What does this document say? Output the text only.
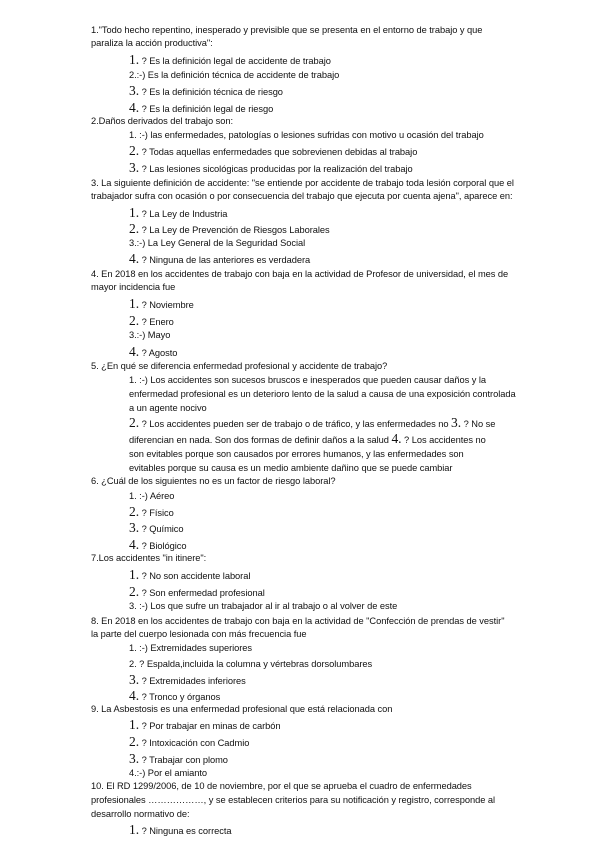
1."Todo hecho repentino, inesperado y previsible que se presenta en el entorno de trabajo y que
paraliza la acción productiva":
1. ? Es la definición legal de accidente de trabajo
2.:-) Es la definición técnica de accidente de trabajo
3. ? Es la definición técnica de riesgo
4. ? Es la definición legal de riesgo
2.Daños derivados del trabajo son:
1. :-) las enfermedades, patologías o lesiones sufridas con motivo u ocasión del trabajo
2. ? Todas aquellas enfermedades que sobrevienen debidas al trabajo
3. ? Las lesiones sicológicas producidas por la realización del trabajo
3. La siguiente definición de accidente: "se entiende por accidente de trabajo toda lesión corporal que el
trabajador sufra con ocasión o por consecuencia del trabajo que ejecuta por cuenta ajena", aparece en:
1. ? La Ley de Industria
2. ? La Ley de Prevención de Riesgos Laborales
3.:-) La Ley General de la Seguridad Social
4. ? Ninguna de las anteriores es verdadera
4. En 2018 en los accidentes de trabajo con baja en la actividad de Profesor de universidad, el mes de
mayor incidencia fue
1. ? Noviembre
2. ? Enero
3.:-) Mayo
4. ? Agosto
5. ¿En qué se diferencia enfermedad profesional y accidente de trabajo?
1. :-) Los accidentes son sucesos bruscos e inesperados que pueden causar daños y la
enfermedad profesional es un deterioro lento de la salud a causa de una exposición controlada
a un agente nocivo
2. ? Los accidentes pueden ser de trabajo o de tráfico, y las enfermedades no 3. ? No se
diferencian en nada. Son dos formas de definir daños a la salud 4. ? Los accidentes no
son evitables porque son causados por errores humanos, y las enfermedades son
evitables porque su causa es un medio ambiente dañino que se puede cambiar
6. ¿Cuál de los siguientes no es un factor de riesgo laboral?
1. :-) Aéreo
2. ? Físico
3. ? Químico
4. ? Biológico
7.Los accidentes "in itinere":
1. ? No son accidente laboral
2. ? Son enfermedad profesional
3. :-) Los que sufre un trabajador al ir al trabajo o al volver de este
8. En 2018 en los accidentes de trabajo con baja en la actividad de "Confección de prendas de vestir"
la parte del cuerpo lesionada con más frecuencia fue
1. :-) Extremidades superiores
2. ? Espalda,incluida la columna y vértebras dorsolumbares
3. ? Extremidades inferiores
4. ? Tronco y órganos
9. La Asbestosis es una enfermedad profesional que está relacionada con
1. ? Por trabajar en minas de carbón
2. ? Intoxicación con Cadmio
3. ? Trabajar con plomo
4.:-) Por el amianto
10. El RD 1299/2006, de 10 de noviembre, por el que se aprueba el cuadro de enfermedades
profesionales ………………, y se establecen criterios para su notificación y registro, corresponde al
desarrollo normativo de:
1. ? Ninguna es correcta
